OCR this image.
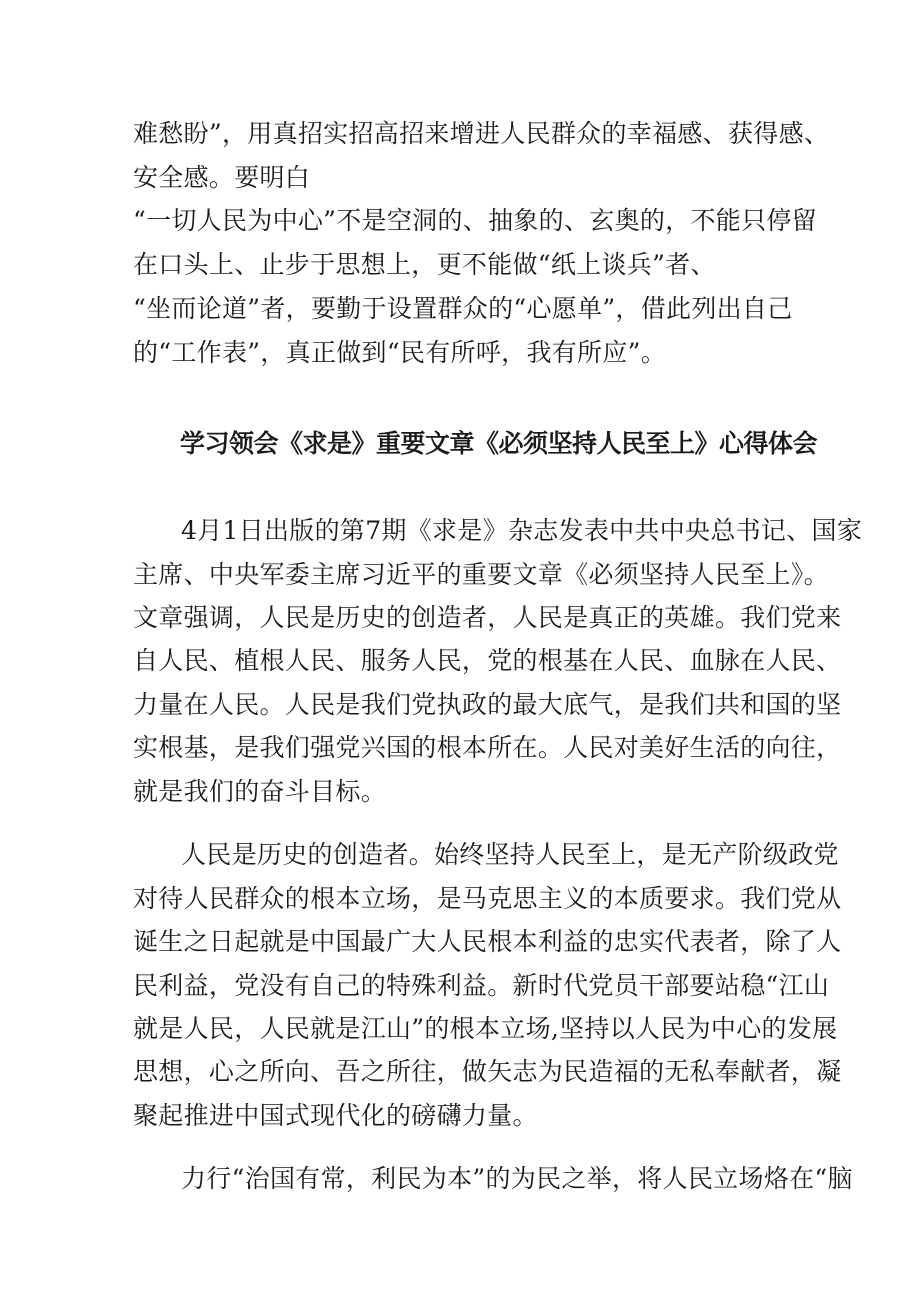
难愁盼”，用真招实招高招来增进人民群众的幸福感、获得感、
安全感。要明白
“一切人民为中心”不是空洞的、抽象的、玄奥的，不能只停留
在口头上、止步于思想上，更不能做“纸上谈兵”者、
“坐而论道”者，要勤于设置群众的“心愿单”，借此列出自己
的“工作表”，真正做到“民有所呼，我有所应”。
学习领会《求是》重要文章《必须坚持人民至上》心得体会
4月1日出版的第7期《求是》杂志发表中共中央总书记、国家
主席、中央军委主席习近平的重要文章《必须坚持人民至上》。
文章强调，人民是历史的创造者，人民是真正的英雄。我们党来
自人民、植根人民、服务人民，党的根基在人民、血脉在人民、
力量在人民。人民是我们党执政的最大底气，是我们共和国的坚
实根基，是我们强党兴国的根本所在。人民对美好生活的向往，
就是我们的奋斗目标。
人民是历史的创造者。始终坚持人民至上，是无产阶级政党
对待人民群众的根本立场，是马克思主义的本质要求。我们党从
诞生之日起就是中国最广大人民根本利益的忠实代表者，除了人
民利益，党没有自己的特殊利益。新时代党员干部要站稳“江山
就是人民，人民就是江山”的根本立场,坚持以人民为中心的发展
思想，心之所向、吾之所往，做矢志为民造福的无私奉献者，凝
聚起推进中国式现代化的磅礴力量。
力行“治国有常，利民为本”的为民之举，将人民立场烙在“脑
